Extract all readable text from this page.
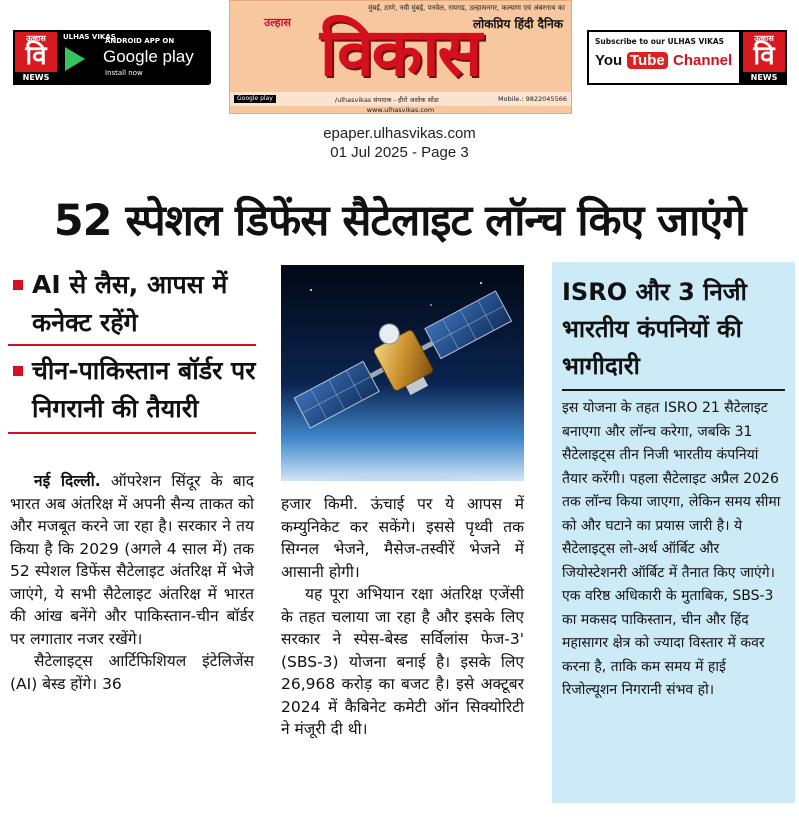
उल्हास
वि
NEWS
ULHAS VIKAS
ANDROID APP ON
Google play
Install now
मुंबई, ठाणे, नवी मुंबई, पनवेल, रायगड, उल्हासनगर, कल्याण एवं अंबरनाथ का
लोकप्रिय हिंदी दैनिक
विकास
उल्हास
Google play	/ulhasvikas संपादक - हीरो अशोक सोंडा	Mobile.: 9822045566
www.ulhasvikas.com
Subscribe to our ULHAS VIKAS
You Tube Channel
उल्हास
वि
NEWS
epaper.ulhasvikas.com
01 Jul 2025 - Page 3
52 स्पेशल डिफेंस सैटेलाइट लॉन्च किए जाएंगे
AI से लैस, आपस में कनेक्ट रहेंगे
चीन-पाकिस्तान बॉर्डर पर निगरानी की तैयारी

नई दिल्ली. ऑपरेशन सिंदूर के बाद भारत अब अंतरिक्ष में अपनी सैन्य ताकत को और मजबूत करने जा रहा है। सरकार ने तय किया है कि 2029 (अगले 4 साल में) तक 52 स्पेशल डिफेंस सैटेलाइट अंतरिक्ष में भेजे जाएंगे, ये सभी सैटेलाइट अंतरिक्ष में भारत की आंख बनेंगे और पाकिस्तान-चीन बॉर्डर पर लगातार नजर रखेंगे।

सैटेलाइट्स आर्टिफिशियल इंटेलिजेंस (AI) बेस्ड होंगे। 36

हजार किमी. ऊंचाई पर ये आपस में कम्युनिकेट कर सकेंगे। इससे पृथ्वी तक सिग्नल भेजने, मैसेज-तस्वीरें भेजने में आसानी होगी।

यह पूरा अभियान रक्षा अंतरिक्ष एजेंसी के तहत चलाया जा रहा है और इसके लिए सरकार ने स्पेस-बेस्ड सर्विलांस फेज-3' (SBS-3) योजना बनाई है। इसके लिए 26,968 करोड़ का बजट है। इसे अक्टूबर 2024 में कैबिनेट कमेटी ऑन सिक्योरिटी ने मंजूरी दी थी।

ISRO और 3 निजी भारतीय कंपनियों की भागीदारी
इस योजना के तहत ISRO 21 सैटेलाइट बनाएगा और लॉन्च करेगा, जबकि 31 सैटेलाइट्स तीन निजी भारतीय कंपनियां तैयार करेंगी। पहला सैटेलाइट अप्रैल 2026 तक लॉन्च किया जाएगा, लेकिन समय सीमा को और घटाने का प्रयास जारी है। ये सैटेलाइट्स लो-अर्थ ऑर्बिट और जियोस्टेशनरी ऑर्बिट में तैनात किए जाएंगे। एक वरिष्ठ अधिकारी के मुताबिक, SBS-3 का मकसद पाकिस्तान, चीन और हिंद महासागर क्षेत्र को ज्यादा विस्तार में कवर करना है, ताकि कम समय में हाई रिजोल्यूशन निगरानी संभव हो।
